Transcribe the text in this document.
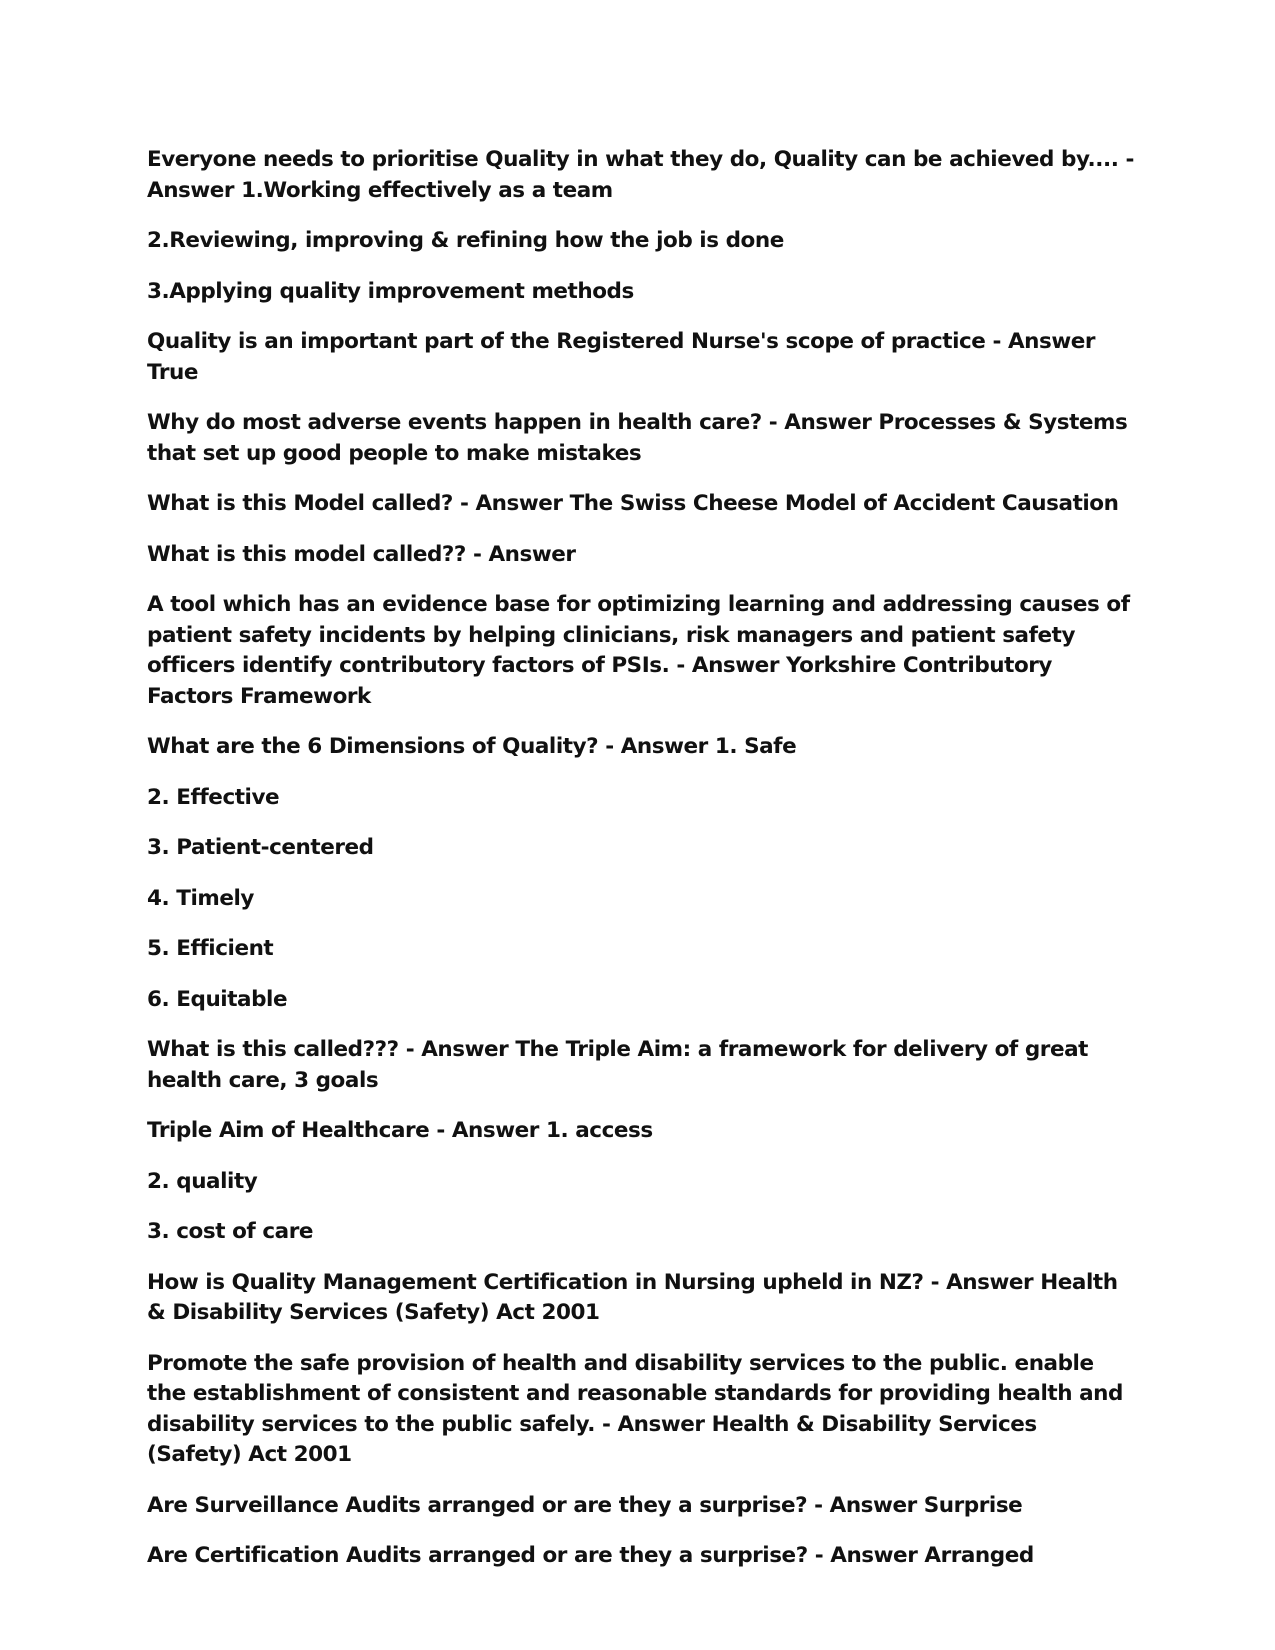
Everyone needs to prioritise Quality in what they do, Quality can be achieved by.... - Answer 1.Working effectively as a team

2.Reviewing, improving & refining how the job is done

3.Applying quality improvement methods

Quality is an important part of the Registered Nurse's scope of practice - Answer True

Why do most adverse events happen in health care? - Answer Processes & Systems that set up good people to make mistakes

What is this Model called? - Answer The Swiss Cheese Model of Accident Causation

What is this model called?? - Answer

A tool which has an evidence base for optimizing learning and addressing causes of patient safety incidents by helping clinicians, risk managers and patient safety officers identify contributory factors of PSIs. - Answer Yorkshire Contributory Factors Framework

What are the 6 Dimensions of Quality? - Answer 1. Safe

2. Effective

3. Patient-centered

4. Timely

5. Efficient

6. Equitable

What is this called??? - Answer The Triple Aim: a framework for delivery of great health care, 3 goals

Triple Aim of Healthcare - Answer 1. access

2. quality

3. cost of care

How is Quality Management Certification in Nursing upheld in NZ? - Answer Health & Disability Services (Safety) Act 2001

Promote the safe provision of health and disability services to the public. enable the establishment of consistent and reasonable standards for providing health and disability services to the public safely. - Answer Health & Disability Services (Safety) Act 2001

Are Surveillance Audits arranged or are they a surprise? - Answer Surprise

Are Certification Audits arranged or are they a surprise? - Answer Arranged
